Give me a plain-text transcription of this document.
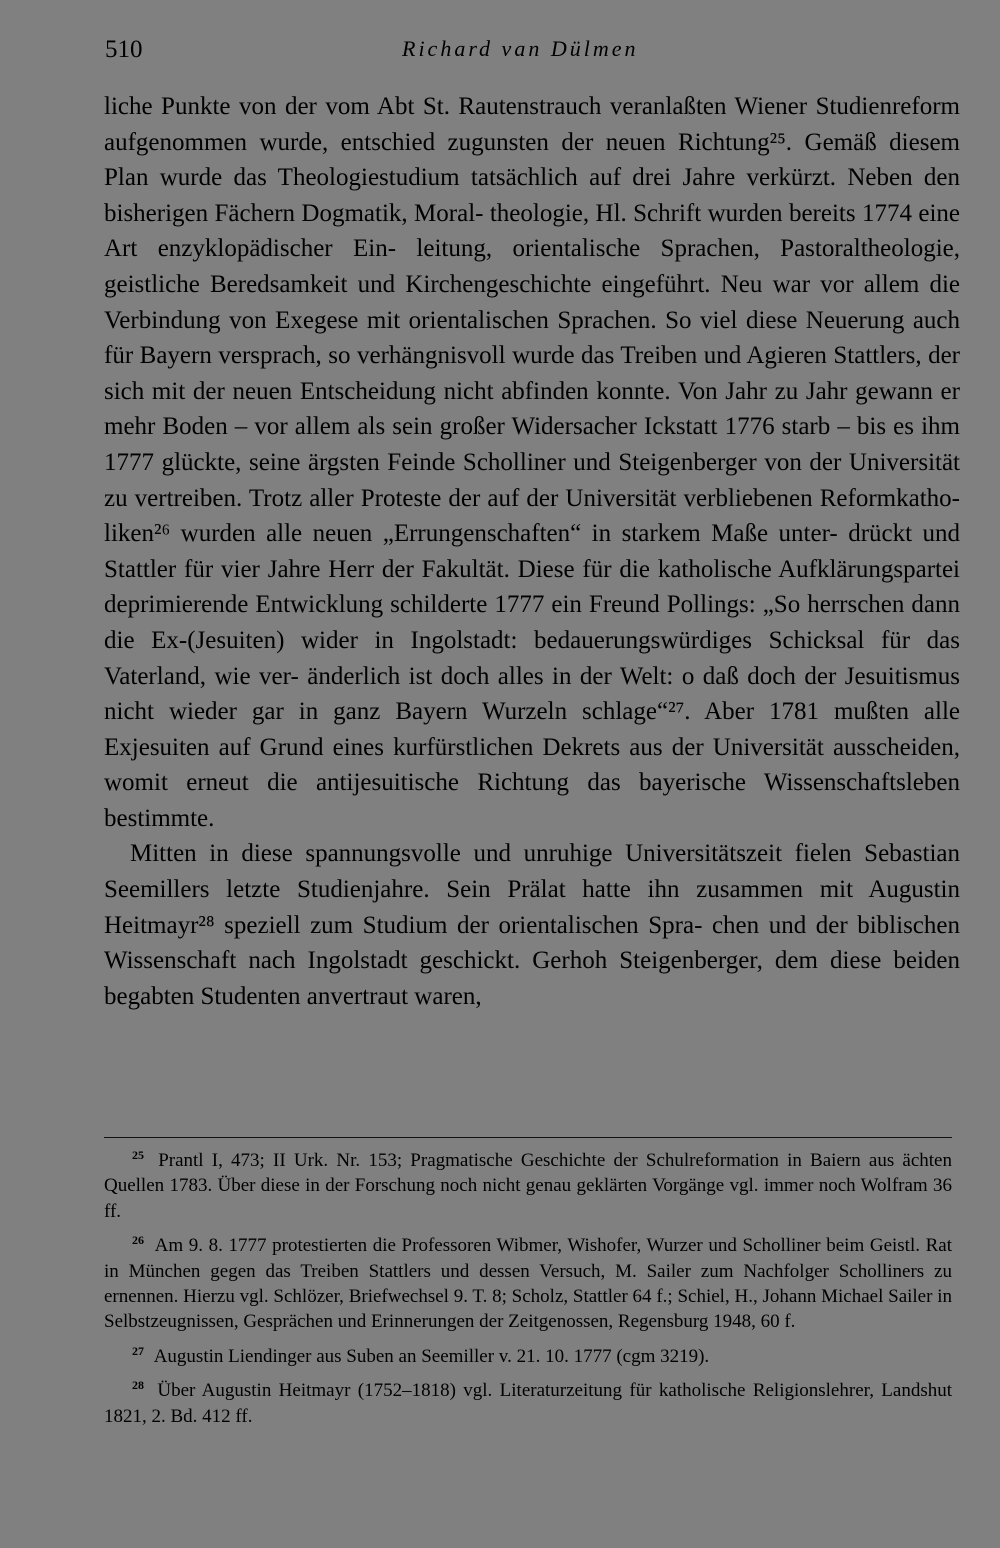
510	Richard van Dülmen

liche Punkte von der vom Abt St. Rautenstrauch veranlaßten Wiener Studienreform aufgenommen wurde, entschied zugunsten der neuen Richtung²⁵. Gemäß diesem Plan wurde das Theologiestudium tatsächlich auf drei Jahre verkürzt. Neben den bisherigen Fächern Dogmatik, Moral- theologie, Hl. Schrift wurden bereits 1774 eine Art enzyklopädischer Ein- leitung, orientalische Sprachen, Pastoraltheologie, geistliche Beredsamkeit und Kirchengeschichte eingeführt. Neu war vor allem die Verbindung von Exegese mit orientalischen Sprachen. So viel diese Neuerung auch für Bayern versprach, so verhängnisvoll wurde das Treiben und Agieren Stattlers, der sich mit der neuen Entscheidung nicht abfinden konnte. Von Jahr zu Jahr gewann er mehr Boden – vor allem als sein großer Widersacher Ickstatt 1776 starb – bis es ihm 1777 glückte, seine ärgsten Feinde Scholliner und Steigenberger von der Universität zu vertreiben. Trotz aller Proteste der auf der Universität verbliebenen Reformkatho- liken²⁶ wurden alle neuen „Errungenschaften“ in starkem Maße unter- drückt und Stattler für vier Jahre Herr der Fakultät. Diese für die katholische Aufklärungspartei deprimierende Entwicklung schilderte 1777 ein Freund Pollings: „So herrschen dann die Ex-(Jesuiten) wider in Ingolstadt: bedauerungswürdiges Schicksal für das Vaterland, wie ver- änderlich ist doch alles in der Welt: o daß doch der Jesuitismus nicht wieder gar in ganz Bayern Wurzeln schlage“²⁷. Aber 1781 mußten alle Exjesuiten auf Grund eines kurfürstlichen Dekrets aus der Universität ausscheiden, womit erneut die antijesuitische Richtung das bayerische Wissenschaftsleben bestimmte.

Mitten in diese spannungsvolle und unruhige Universitätszeit fielen Sebastian Seemillers letzte Studienjahre. Sein Prälat hatte ihn zusammen mit Augustin Heitmayr²⁸ speziell zum Studium der orientalischen Spra- chen und der biblischen Wissenschaft nach Ingolstadt geschickt. Gerhoh Steigenberger, dem diese beiden begabten Studenten anvertraut waren,

$^{25}$ Prantl I, 473; II Urk. Nr. 153; Pragmatische Geschichte der Schulreformation in Baiern aus ächten Quellen 1783. Über diese in der Forschung noch nicht genau geklärten Vorgänge vgl. immer noch Wolfram 36 ff.

$^{26}$ Am 9. 8. 1777 protestierten die Professoren Wibmer, Wishofer, Wurzer und Scholliner beim Geistl. Rat in München gegen das Treiben Stattlers und dessen Versuch, M. Sailer zum Nachfolger Scholliners zu ernennen. Hierzu vgl. Schlözer, Briefwechsel 9. T. 8; Scholz, Stattler 64 f.; Schiel, H., Johann Michael Sailer in Selbstzeugnissen, Gesprächen und Erinnerungen der Zeitgenossen, Regensburg 1948, 60 f.

$^{27}$ Augustin Liendinger aus Suben an Seemiller v. 21. 10. 1777 (cgm 3219).

$^{28}$ Über Augustin Heitmayr (1752–1818) vgl. Literaturzeitung für katholische Religionslehrer, Landshut 1821, 2. Bd. 412 ff.
